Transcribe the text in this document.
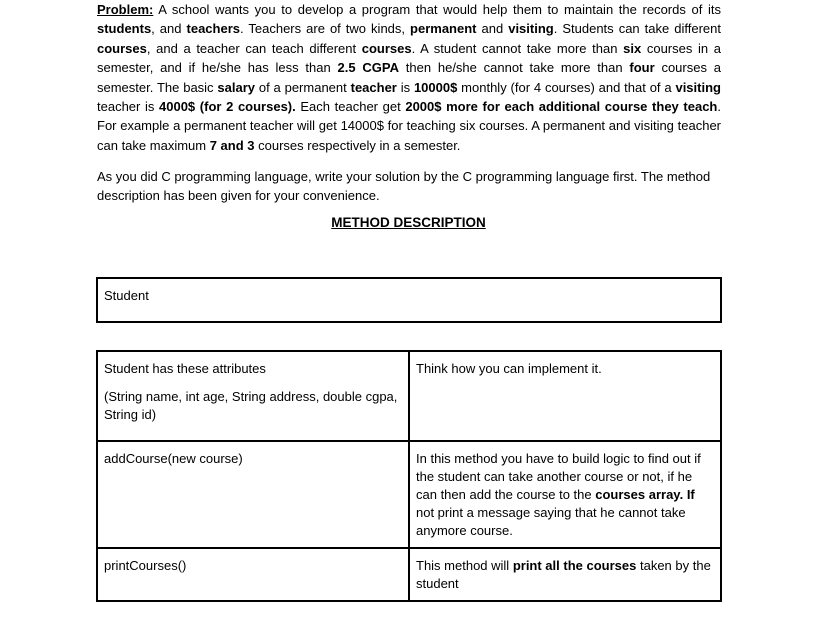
Problem: A school wants you to develop a program that would help them to maintain the records of its students, and teachers. Teachers are of two kinds, permanent and visiting. Students can take different courses, and a teacher can teach different courses. A student cannot take more than six courses in a semester, and if he/she has less than 2.5 CGPA then he/she cannot take more than four courses a semester. The basic salary of a permanent teacher is 10000$ monthly (for 4 courses) and that of a visiting teacher is 4000$ (for 2 courses). Each teacher get 2000$ more for each additional course they teach. For example a permanent teacher will get 14000$ for teaching six courses. A permanent and visiting teacher can take maximum 7 and 3 courses respectively in a semester.
As you did C programming language, write your solution by the C programming language first. The method description has been given for your convenience.
METHOD DESCRIPTION
Student
Student has these attributes
(String name, int age, String address, double cgpa, String id)	Think how you can implement it.
addCourse(new course)	In this method you have to build logic to find out if the student can take another course or not, if he can then add the course to the courses array. If not print a message saying that he cannot take anymore course.
printCourses()	This method will print all the courses taken by the student
